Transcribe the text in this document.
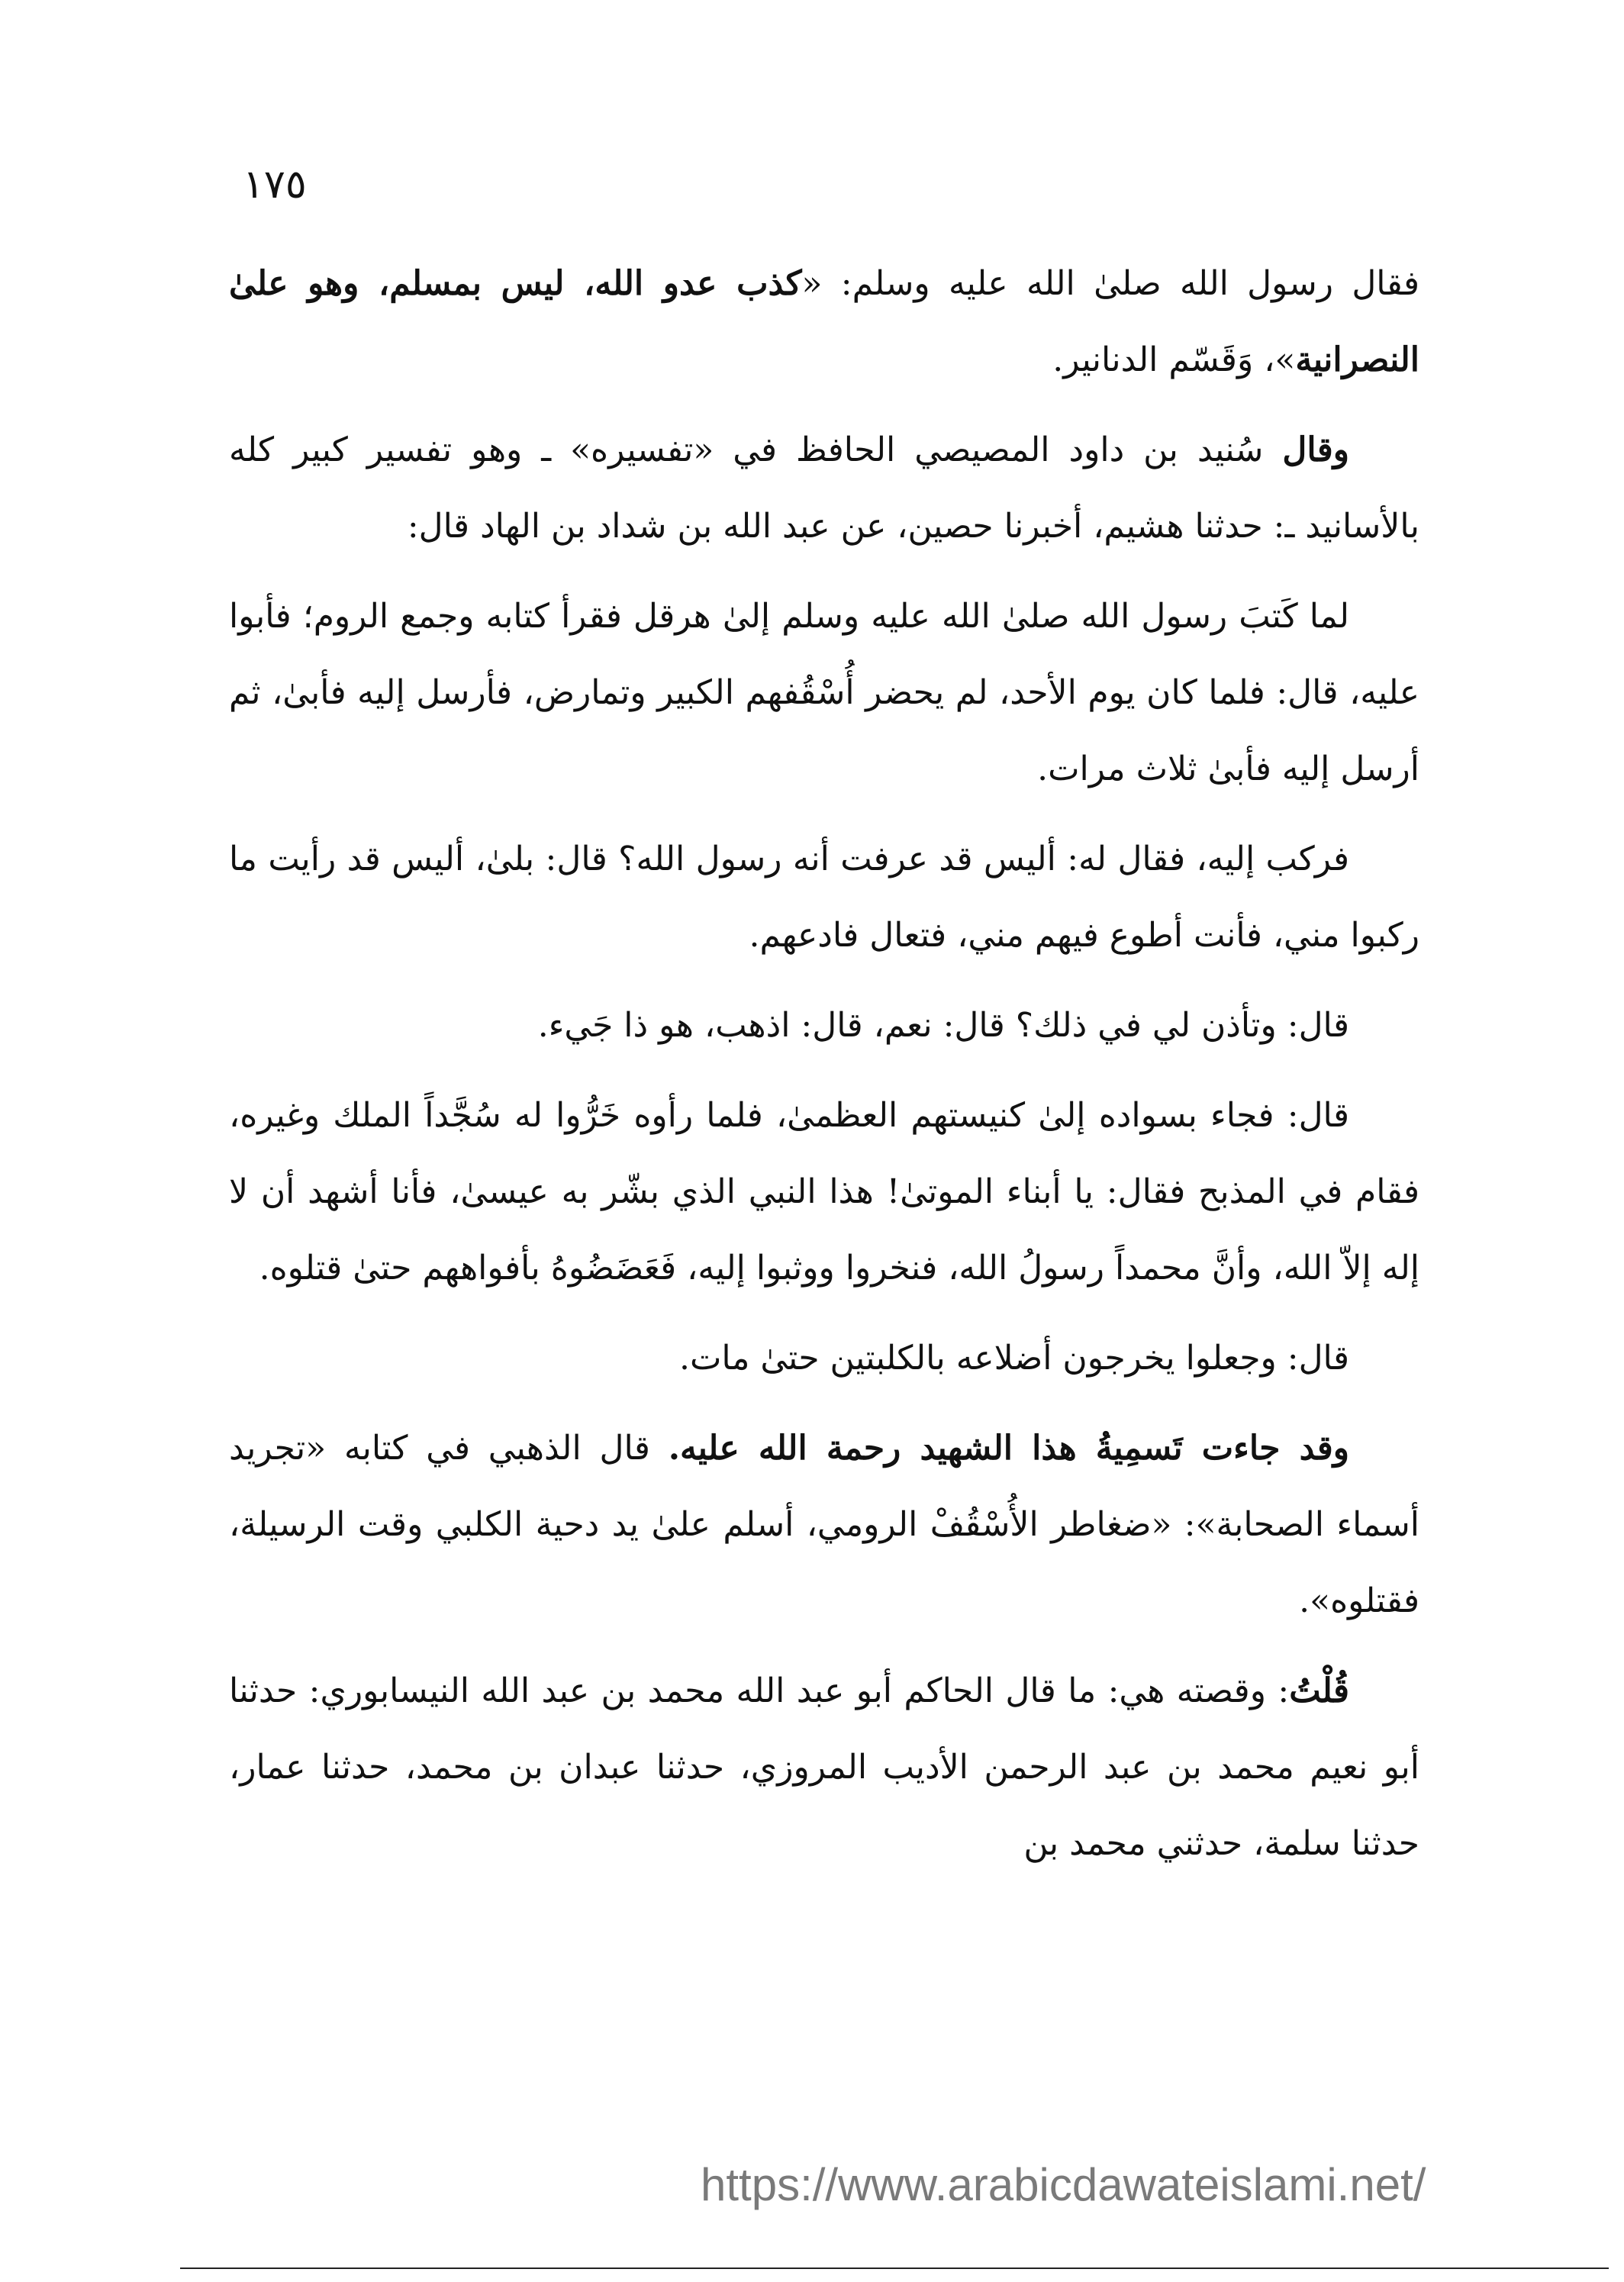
١٧٥

فقال رسول الله صلىٰ الله عليه وسلم: «كذب عدو الله، ليس بمسلم، وهو علىٰ النصرانية»، وَقَسّم الدنانير.

وقال سُنيد بن داود المصيصي الحافظ في «تفسيره» ـ وهو تفسير كبير كله بالأسانيد ـ: حدثنا هشيم، أخبرنا حصين، عن عبد الله بن شداد بن الهاد قال:

لما كَتبَ رسول الله صلىٰ الله عليه وسلم إلىٰ هرقل فقرأ كتابه وجمع الروم؛ فأبوا عليه، قال: فلما كان يوم الأحد، لم يحضر أُسْقُفهم الكبير وتمارض، فأرسل إليه فأبىٰ، ثم أرسل إليه فأبىٰ ثلاث مرات.

فركب إليه، فقال له: أليس قد عرفت أنه رسول الله؟ قال: بلىٰ، أليس قد رأيت ما ركبوا مني، فأنت أطوع فيهم مني، فتعال فادعهم.

قال: وتأذن لي في ذلك؟ قال: نعم، قال: اذهب، هو ذا جَيء.

قال: فجاء بسواده إلىٰ كنيستهم العظمىٰ، فلما رأوه خَرُّوا له سُجَّداً الملك وغيره، فقام في المذبح فقال: يا أبناء الموتىٰ! هذا النبي الذي بشّر به عيسىٰ، فأنا أشهد أن لا إله إلاّ الله، وأنَّ محمداً رسولُ الله، فنخروا ووثبوا إليه، فَعَضَضُوهُ بأفواههم حتىٰ قتلوه.

قال: وجعلوا يخرجون أضلاعه بالكلبتين حتىٰ مات.

وقد جاءت تَسمِيةُ هذا الشهيد رحمة الله عليه. قال الذهبي في كتابه «تجريد أسماء الصحابة»: «ضغاطر الأُسْقُفْ الرومي، أسلم علىٰ يد دحية الكلبي وقت الرسيلة، فقتلوه».

قُلْتُ: وقصته هي: ما قال الحاكم أبو عبد الله محمد بن عبد الله النيسابوري: حدثنا أبو نعيم محمد بن عبد الرحمن الأديب المروزي، حدثنا عبدان بن محمد، حدثنا عمار، حدثنا سلمة، حدثني محمد بن

https://www.arabicdawateislami.net/
